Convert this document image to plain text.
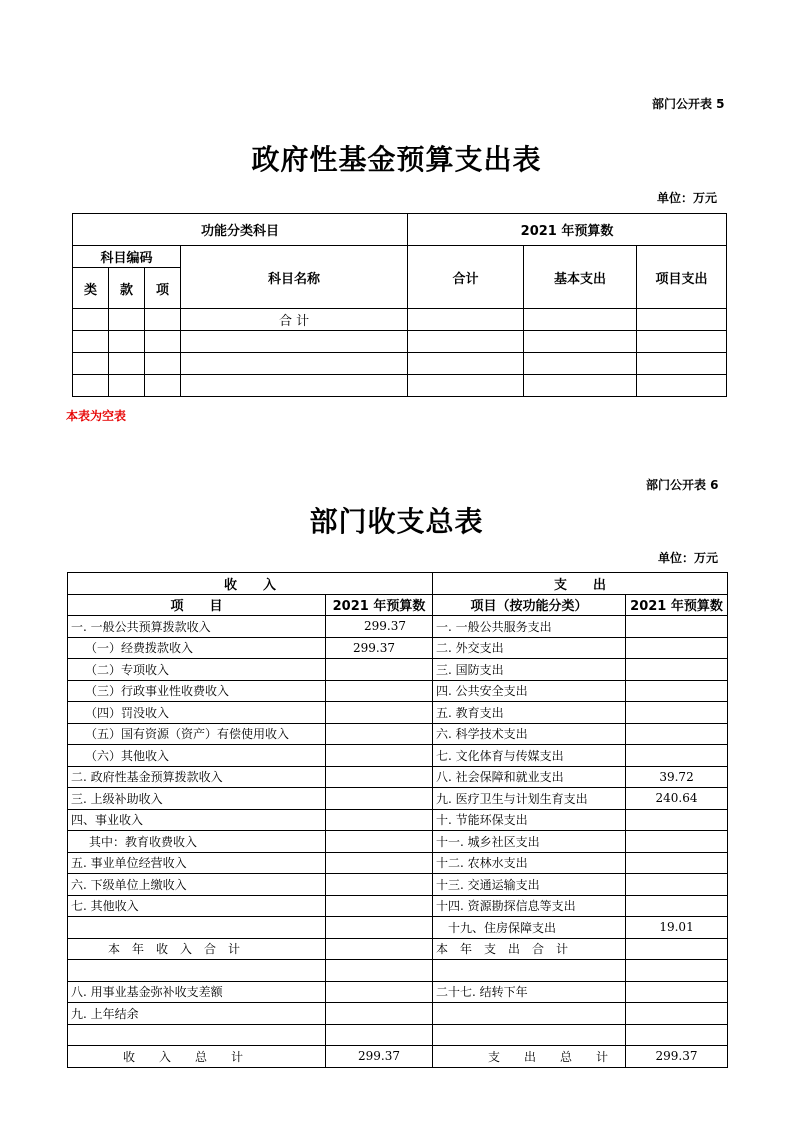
部门公开表 5
政府性基金预算支出表
单位：万元
功能分类科目				2021 年预算数		
科目编码			科目名称	合计	基本支出	项目支出
类	款	项				
			合 计			

本表为空表
部门公开表 6
部门收支总表
单位：万元
收　　入		支　　出	
项　　目	2021 年预算数	项目（按功能分类）	2021 年预算数
一. 一般公共预算拨款收入	299.37	一. 一般公共服务支出	
（一）经费拨款收入	299.37	二. 外交支出	
（二）专项收入		三. 国防支出	
（三）行政事业性收费收入		四. 公共安全支出	
（四）罚没收入		五. 教育支出	
（五）国有资源（资产）有偿使用收入		六. 科学技术支出	
（六）其他收入		七. 文化体育与传媒支出	
二. 政府性基金预算拨款收入		八. 社会保障和就业支出	39.72
三. 上级补助收入		九. 医疗卫生与计划生育支出	240.64
四、事业收入		十. 节能环保支出	
其中：教育收费收入		十一. 城乡社区支出	
五. 事业单位经营收入		十二. 农林水支出	
六. 下级单位上缴收入		十三. 交通运输支出	
七. 其他收入		十四. 资源勘探信息等支出	
		十九、住房保障支出	19.01
本　年　收　入　合　计		本　年　支　出　合　计	

八. 用事业基金弥补收支差额		二十七. 结转下年	
九. 上年结余			

收　　入　　总　　计	299.37	支　　出　　总　　计	299.37
